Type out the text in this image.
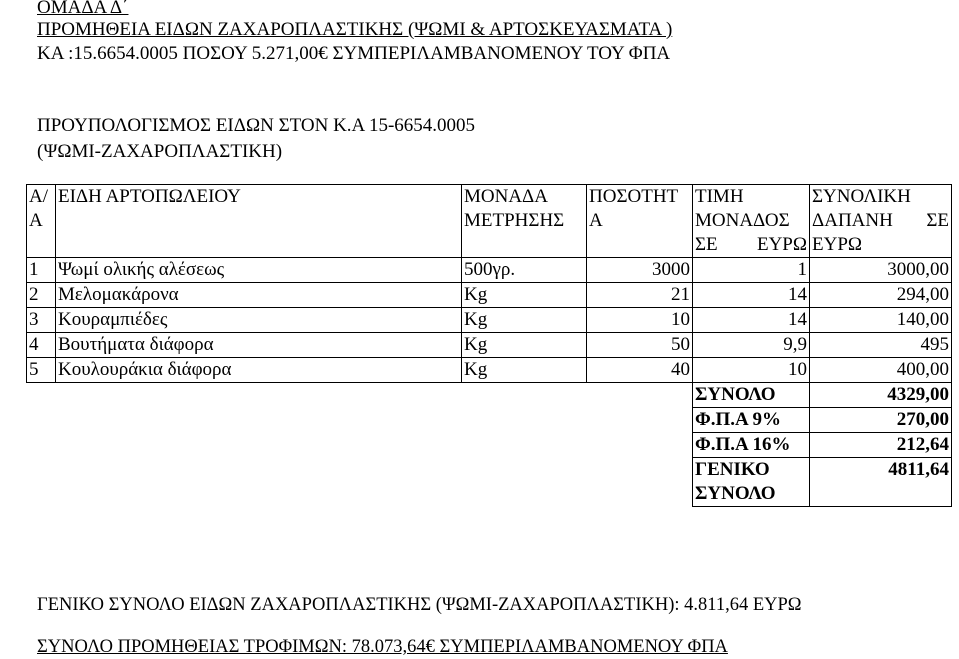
ΟΜΑΔΑ Δ΄
ΠΡΟΜΗΘΕΙΑ ΕΙΔΩΝ ΖΑΧΑΡΟΠΛΑΣΤΙΚΗΣ (ΨΩΜΙ & ΑΡΤΟΣΚΕΥΑΣΜΑΤΑ )
ΚΑ :15.6654.0005 ΠΟΣΟΥ 5.271,00€ ΣΥΜΠΕΡΙΛΑΜΒΑΝΟΜΕΝΟΥ ΤΟΥ ΦΠΑ
ΠΡΟΥΠΟΛΟΓΙΣΜΟΣ ΕΙΔΩΝ ΣΤΟΝ Κ.Α 15-6654.0005
(ΨΩΜΙ-ΖΑΧΑΡΟΠΛΑΣΤΙΚΗ)
Α/Α	ΕΙΔΗ ΑΡΤΟΠΩΛΕΙΟΥ	ΜΟΝΑΔΑ ΜΕΤΡΗΣΗΣ	ΠΟΣΟΤΗΤΑ	ΤΙΜΗ ΜΟΝΑΔΟΣ ΣΕ ΕΥΡΩ	ΣΥΝΟΛΙΚΗ ΔΑΠΑΝΗ ΣΕ ΕΥΡΩ

1	Ψωμί ολικής αλέσεως	500γρ.	3000	1	3000,00
2	Μελομακάρονα	Kg	21	14	294,00
3	Κουραμπιέδες	Kg	10	14	140,00
4	Βουτήματα διάφορα	Kg	50	9,9	495
5	Κουλουράκια διάφορα	Kg	40	10	400,00
				ΣΥΝΟΛΟ	4329,00
				Φ.Π.Α 9%	270,00
				Φ.Π.Α 16%	212,64
				ΓΕΝΙΚΟ ΣΥΝΟΛΟ	4811,64
ΓΕΝΙΚΟ ΣΥΝΟΛΟ ΕΙΔΩΝ ΖΑΧΑΡΟΠΛΑΣΤΙΚΗΣ (ΨΩΜΙ-ΖΑΧΑΡΟΠΛΑΣΤΙΚΗ): 4.811,64 ΕΥΡΩ
ΣΥΝΟΛΟ ΠΡΟΜΗΘΕΙΑΣ ΤΡΟΦΙΜΩΝ: 78.073,64€ ΣΥΜΠΕΡΙΛΑΜΒΑΝΟΜΕΝΟΥ ΦΠΑ
